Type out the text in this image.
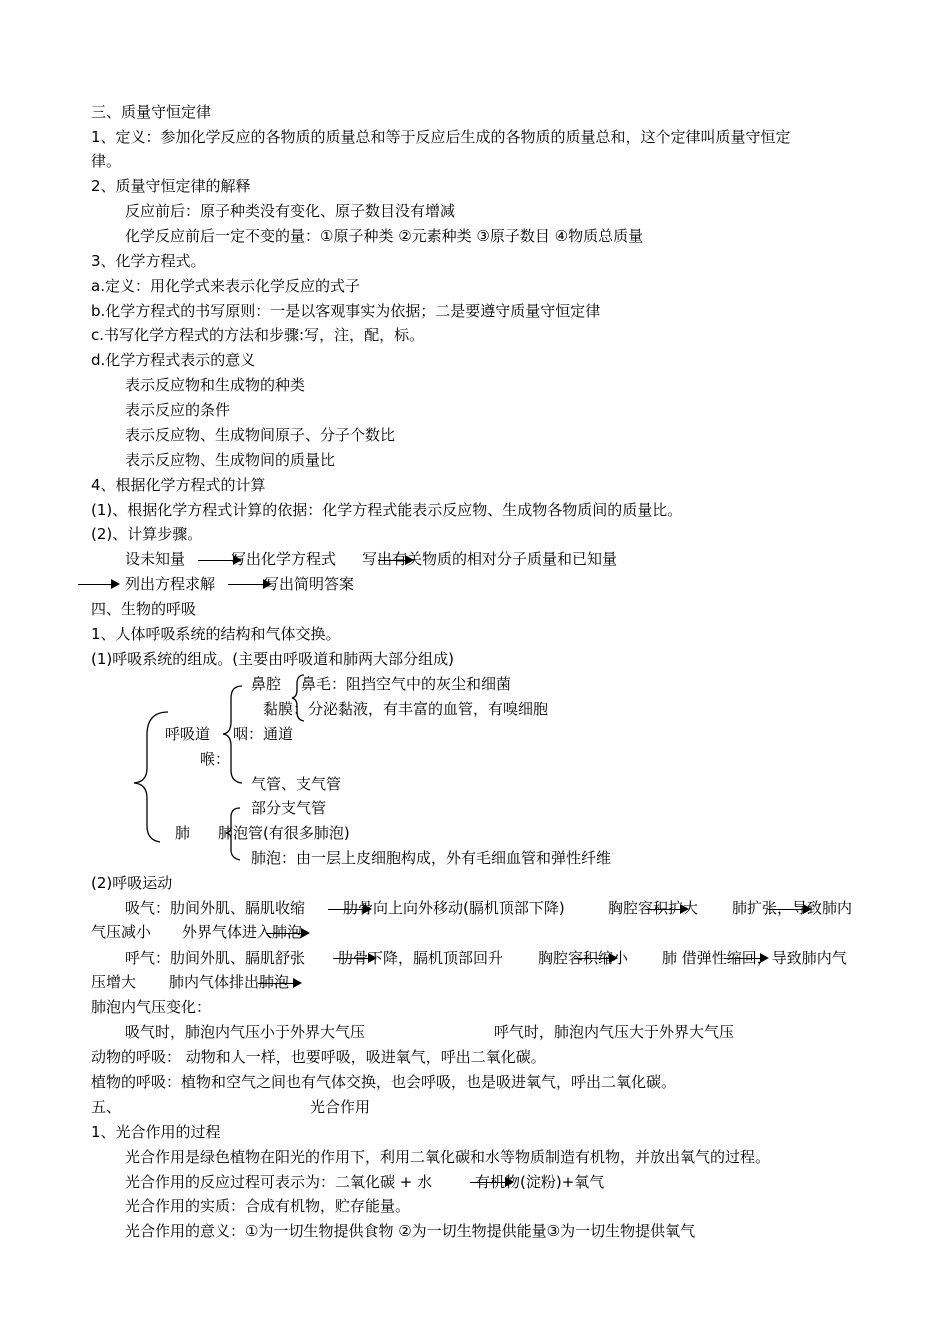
三、质量守恒定律
1、定义：参加化学反应的各物质的质量总和等于反应后生成的各物质的质量总和，这个定律叫质量守恒定
律。
2、质量守恒定律的解释
反应前后：原子种类没有变化、原子数目没有增减
化学反应前后一定不变的量：①原子种类 ②元素种类 ③原子数目 ④物质总质量
3、化学方程式。
a.定义：用化学式来表示化学反应的式子
b.化学方程式的书写原则：一是以客观事实为依据；二是要遵守质量守恒定律
c.书写化学方程式的方法和步骤:写，注，配，标。
d.化学方程式表示的意义
表示反应物和生成物的种类
表示反应的条件
表示反应物、生成物间原子、分子个数比
表示反应物、生成物间的质量比
4、根据化学方程式的计算
(1)、根据化学方程式计算的依据：化学方程式能表示反应物、生成物各物质间的质量比。
(2)、计算步骤。
设未知量	写出化学方程式 写出有关物质的相对分子质量和已知量
列出方程求解	写出简明答案
四、生物的呼吸
1、人体呼吸系统的结构和气体交换。
(1)呼吸系统的组成。(主要由呼吸道和肺两大部分组成)
鼻腔 鼻毛：阻挡空气中的灰尘和细菌
黏膜：分泌黏液，有丰富的血管，有嗅细胞
呼吸道 咽：通道
喉：
气管、支气管
部分支气管
肺 肺泡管(有很多肺泡)
肺泡：由一层上皮细胞构成，外有毛细血管和弹性纤维
(2)呼吸运动
吸气：肋间外肌、膈肌收缩	肋骨向上向外移动(膈机顶部下降)	胸腔容积扩大 肺扩张，导致肺内
气压减小 外界气体进入肺泡
呼气：肋间外肌、膈肌舒张 肋骨下降，膈机顶部回升 胸腔容积缩小 肺 借弹性缩回，导致肺内气
压增大 肺内气体排出肺泡
肺泡内气压变化：
吸气时，肺泡内气压小于外界大气压	呼气时，肺泡内气压大于外界大气压
动物的呼吸： 动物和人一样，也要呼吸，吸进氧气，呼出二氧化碳。
植物的呼吸：植物和空气之间也有气体交换，也会呼吸，也是吸进氧气，呼出二氧化碳。
五、	光合作用
1、光合作用的过程
光合作用是绿色植物在阳光的作用下，利用二氧化碳和水等物质制造有机物，并放出氧气的过程。
光合作用的反应过程可表示为：二氧化碳 + 水	有机物(淀粉)+氧气
光合作用的实质：合成有机物，贮存能量。
光合作用的意义：①为一切生物提供食物 ②为一切生物提供能量③为一切生物提供氧气
